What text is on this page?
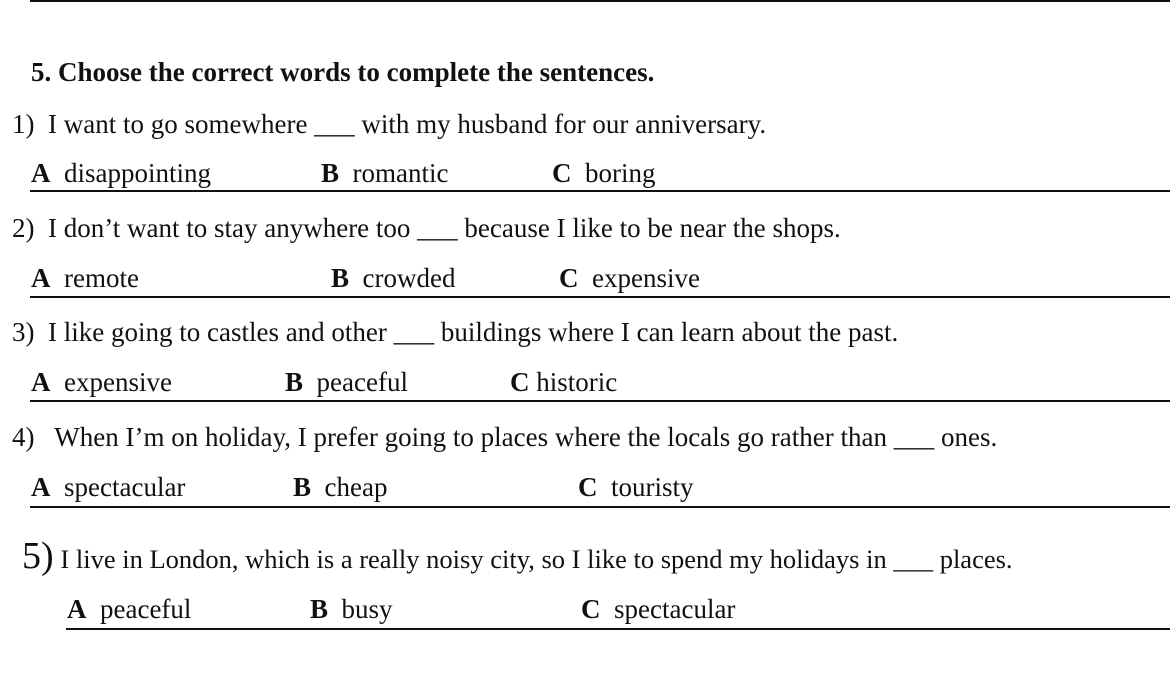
5. Choose the correct words to complete the sentences.
1) I want to go somewhere ___ with my husband for our anniversary.
A disappointing	B romantic	C boring
2) I don’t want to stay anywhere too ___ because I like to be near the shops.
A remote	B crowded	C expensive
3) I like going to castles and other ___ buildings where I can learn about the past.
A expensive	B peaceful	C historic
4) When I’m on holiday, I prefer going to places where the locals go rather than ___ ones.
A spectacular	B cheap	C touristy
5) I live in London, which is a really noisy city, so I like to spend my holidays in ___ places.
A peaceful	B busy	C spectacular
